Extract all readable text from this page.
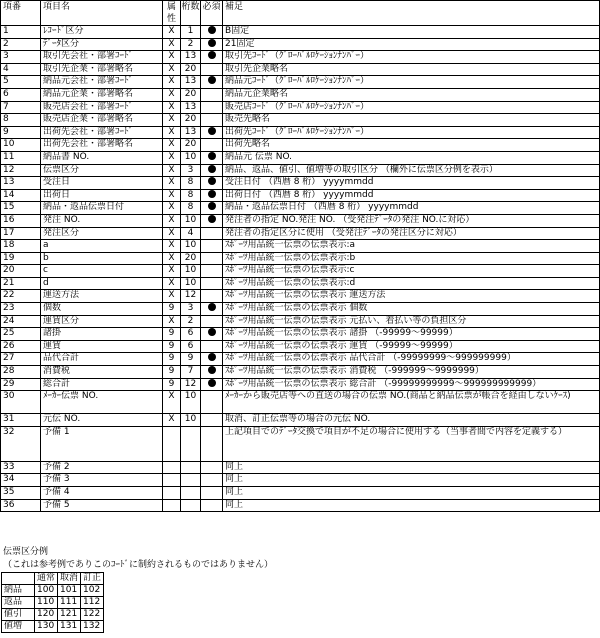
項番	項目名	属性	桁数	必須	補足
1	ﾚｺｰﾄﾞ区分	X	1		B固定
2	ﾃﾞｰﾀ区分	X	2		21固定
3	取引先会社・部署ｺｰﾄﾞ	X	13		取引先ｺｰﾄﾞ（ｸﾞﾛｰﾊﾞﾙﾛｹｰｼｮﾝﾅﾝﾊﾞｰ）
4	取引先企業・部署略名	X	20		取引先企業略名
5	納品元会社・部署ｺｰﾄﾞ	X	13		納品元ｺｰﾄﾞ（ｸﾞﾛｰﾊﾞﾙﾛｹｰｼｮﾝﾅﾝﾊﾞｰ）
6	納品元企業・部署略名	X	20		納品元企業略名
7	販売店会社・部署ｺｰﾄﾞ	X	13		販売店ｺｰﾄﾞ（ｸﾞﾛｰﾊﾞﾙﾛｹｰｼｮﾝﾅﾝﾊﾞｰ）
8	販売店企業・部署略名	X	20		販売先略名
9	出荷先会社・部署ｺｰﾄﾞ	X	13		出荷先ｺｰﾄﾞ（ｸﾞﾛｰﾊﾞﾙﾛｹｰｼｮﾝﾅﾝﾊﾞｰ）
10	出荷先会社・部署略名	X	20		出荷先略名
11	納品書 NO.	X	10		納品元 伝票 NO.
12	伝票区分	X	3		納品、返品、値引、値増等の取引区分 （欄外に伝票区分例を表示）
13	受注日	X	8		受注日付 （西暦 8 桁） yyyymmdd
14	出荷日	X	8		出荷日付 （西暦 8 桁） yyyymmdd
15	納品・返品伝票日付	X	8		納品・返品伝票日付 （西暦 8 桁） yyyymmdd
16	発注 NO.	X	10		発注者の指定 NO.発注 NO. （受発注ﾃﾞｰﾀの発注 NO.に対応）
17	発注区分	X	4		発注者の指定区分に使用 （受発注ﾃﾞｰﾀの発注区分に対応）
18	a	X	10		ｽﾎﾟｰﾂ用品統一伝票の伝票表示:a
19	b	X	20		ｽﾎﾟｰﾂ用品統一伝票の伝票表示:b
20	c	X	10		ｽﾎﾟｰﾂ用品統一伝票の伝票表示:c
21	d	X	10		ｽﾎﾟｰﾂ用品統一伝票の伝票表示:d
22	運送方法	X	12		ｽﾎﾟｰﾂ用品統一伝票の伝票表示 運送方法
23	個数	9	3		ｽﾎﾟｰﾂ用品統一伝票の伝票表示 個数
24	運賃区分	X	2		ｽﾎﾟｰﾂ用品統一伝票の伝票表示 元払い、着払い等の負担区分
25	諸掛	9	6		ｽﾎﾟｰﾂ用品統一伝票の伝票表示 諸掛 （-99999～99999）
26	運賃	9	6		ｽﾎﾟｰﾂ用品統一伝票の伝票表示 運賃 （-99999～99999）
27	品代合計	9	9		ｽﾎﾟｰﾂ用品統一伝票の伝票表示 品代合計 （-99999999～999999999）
28	消費税	9	7		ｽﾎﾟｰﾂ用品統一伝票の伝票表示 消費税 （-999999～9999999）
29	総合計	9	12		ｽﾎﾟｰﾂ用品統一伝票の伝票表示 総合計 （-99999999999～999999999999）
30	ﾒｰｶｰ伝票 NO.	X	10		ﾒｰｶｰから販売店等への直送の場合の伝票 NO.(商品と納品伝票が帳合を経由しないｹｰｽ)
31	元伝 NO.	X	10		取消、訂正伝票等の場合の元伝 NO.
32	予備 1				上記項目でのﾃﾞｰﾀ交換で項目が不足の場合に使用する（当事者間で内容を定義する）
33	予備 2				同上
34	予備 3				同上
35	予備 4				同上
36	予備 5				同上
伝票区分例
（これは参考例でありこのｺｰﾄﾞに制約されるものではありません）
	通常	取消	訂正
納品	100	101	102
返品	110	111	112
値引	120	121	122
値増	130	131	132
